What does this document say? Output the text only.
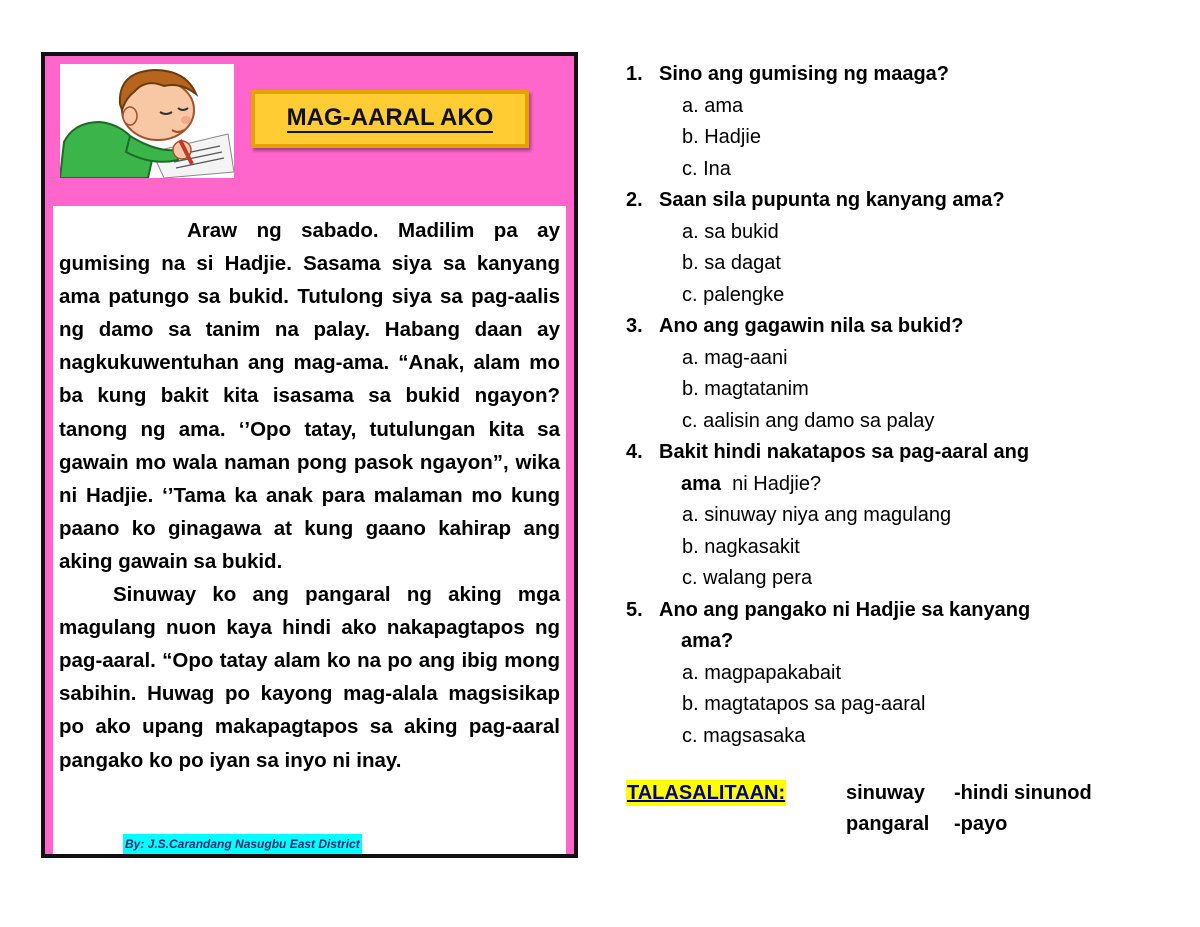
MAG-AARAL AKO

Araw ng sabado. Madilim pa ay gumising na si Hadjie. Sasama siya sa kanyang ama patungo sa bukid. Tutulong siya sa pag-aalis ng damo sa tanim na palay. Habang daan ay nagkukuwentuhan ang mag-ama. “Anak, alam mo ba kung bakit kita isasama sa bukid ngayon? tanong ng ama. ‘’Opo tatay, tutulungan kita sa gawain mo wala naman pong pasok ngayon”, wika ni Hadjie. ‘’Tama ka anak para malaman mo kung paano ko ginagawa at kung gaano kahirap ang aking gawain sa bukid.

Sinuway ko ang pangaral ng aking mga magulang nuon kaya hindi ako nakapagtapos ng pag-aaral. “Opo tatay alam ko na po ang ibig mong sabihin. Huwag po kayong mag-alala magsisikap po ako upang makapagtapos sa aking pag-aaral pangako ko po iyan sa inyo ni inay.

By: J.S.Carandang Nasugbu East District
1. Sino ang gumising ng maaga?
a. ama
b. Hadjie
c. Ina
2. Saan sila pupunta ng kanyang ama?
a. sa bukid
b. sa dagat
c. palengke
3. Ano ang gagawin nila sa bukid?
a. mag-aani
b. magtatanim
c. aalisin ang damo sa palay
4. Bakit hindi nakatapos sa pag-aaral ang
ama ni Hadjie?
a. sinuway niya ang magulang
b. nagkasakit
c. walang pera
5. Ano ang pangako ni Hadjie sa kanyang
ama?
a. magpapakabait
b. magtatapos sa pag-aaral
c. magsasaka
TALASALITAAN:	sinuway -hindi sinunod
pangaral -payo
